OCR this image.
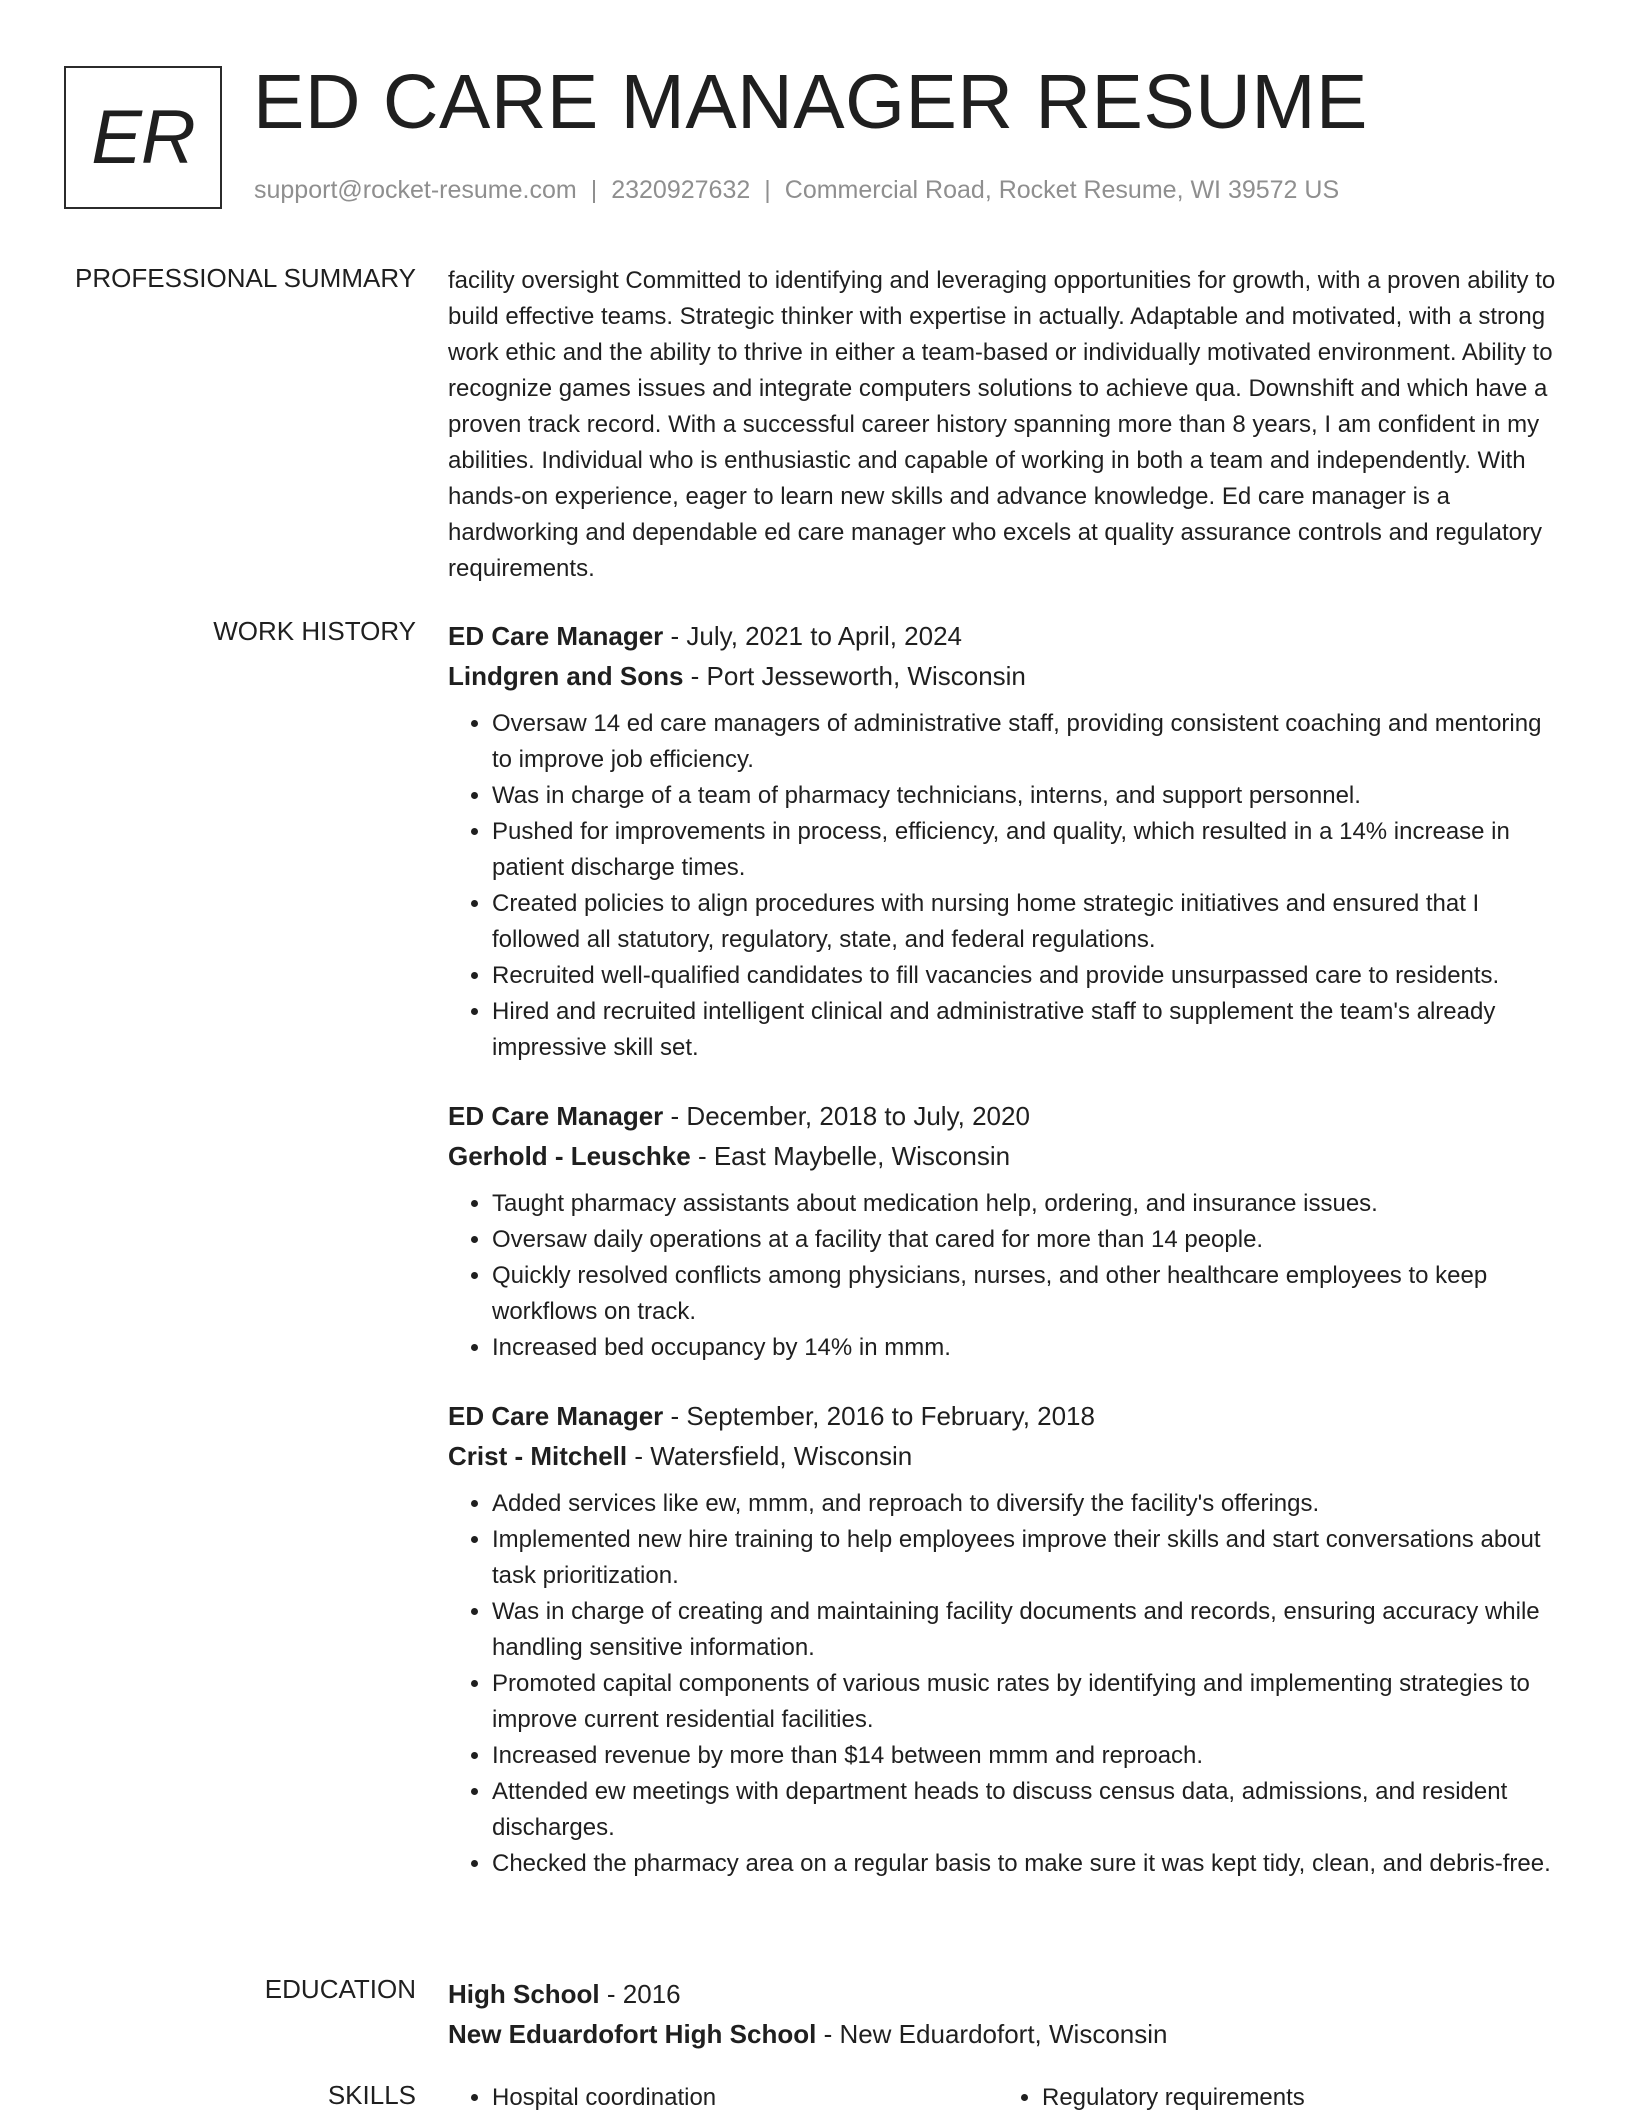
ER ED CARE MANAGER RESUME
support@rocket-resume.com | 2320927632 | Commercial Road, Rocket Resume, WI 39572 US
PROFESSIONAL SUMMARY facility oversight Committed to identifying and leveraging opportunities for growth, with a proven ability to build effective teams. Strategic thinker with expertise in actually. Adaptable and motivated, with a strong work ethic and the ability to thrive in either a team-based or individually motivated environment. Ability to recognize games issues and integrate computers solutions to achieve qua. Downshift and which have a proven track record. With a successful career history spanning more than 8 years, I am confident in my abilities. Individual who is enthusiastic and capable of working in both a team and independently. With hands-on experience, eager to learn new skills and advance knowledge. Ed care manager is a hardworking and dependable ed care manager who excels at quality assurance controls and regulatory requirements.

WORK HISTORY ED Care Manager - July, 2021 to April, 2024
Lindgren and Sons - Port Jesseworth, Wisconsin
• Oversaw 14 ed care managers of administrative staff, providing consistent coaching and mentoring to improve job efficiency.
• Was in charge of a team of pharmacy technicians, interns, and support personnel.
• Pushed for improvements in process, efficiency, and quality, which resulted in a 14% increase in patient discharge times.
• Created policies to align procedures with nursing home strategic initiatives and ensured that I followed all statutory, regulatory, state, and federal regulations.
• Recruited well-qualified candidates to fill vacancies and provide unsurpassed care to residents.
• Hired and recruited intelligent clinical and administrative staff to supplement the team's already impressive skill set.
ED Care Manager - December, 2018 to July, 2020
Gerhold - Leuschke - East Maybelle, Wisconsin
• Taught pharmacy assistants about medication help, ordering, and insurance issues.
• Oversaw daily operations at a facility that cared for more than 14 people.
• Quickly resolved conflicts among physicians, nurses, and other healthcare employees to keep workflows on track.
• Increased bed occupancy by 14% in mmm.
ED Care Manager - September, 2016 to February, 2018
Crist - Mitchell - Watersfield, Wisconsin
• Added services like ew, mmm, and reproach to diversify the facility's offerings.
• Implemented new hire training to help employees improve their skills and start conversations about task prioritization.
• Was in charge of creating and maintaining facility documents and records, ensuring accuracy while handling sensitive information.
• Promoted capital components of various music rates by identifying and implementing strategies to improve current residential facilities.
• Increased revenue by more than $14 between mmm and reproach.
• Attended ew meetings with department heads to discuss census data, admissions, and resident discharges.
• Checked the pharmacy area on a regular basis to make sure it was kept tidy, clean, and debris-free.
EDUCATION High School - 2016
New Eduardofort High School - New Eduardofort, Wisconsin
SKILLS	• Hospital coordination	• Regulatory requirements
